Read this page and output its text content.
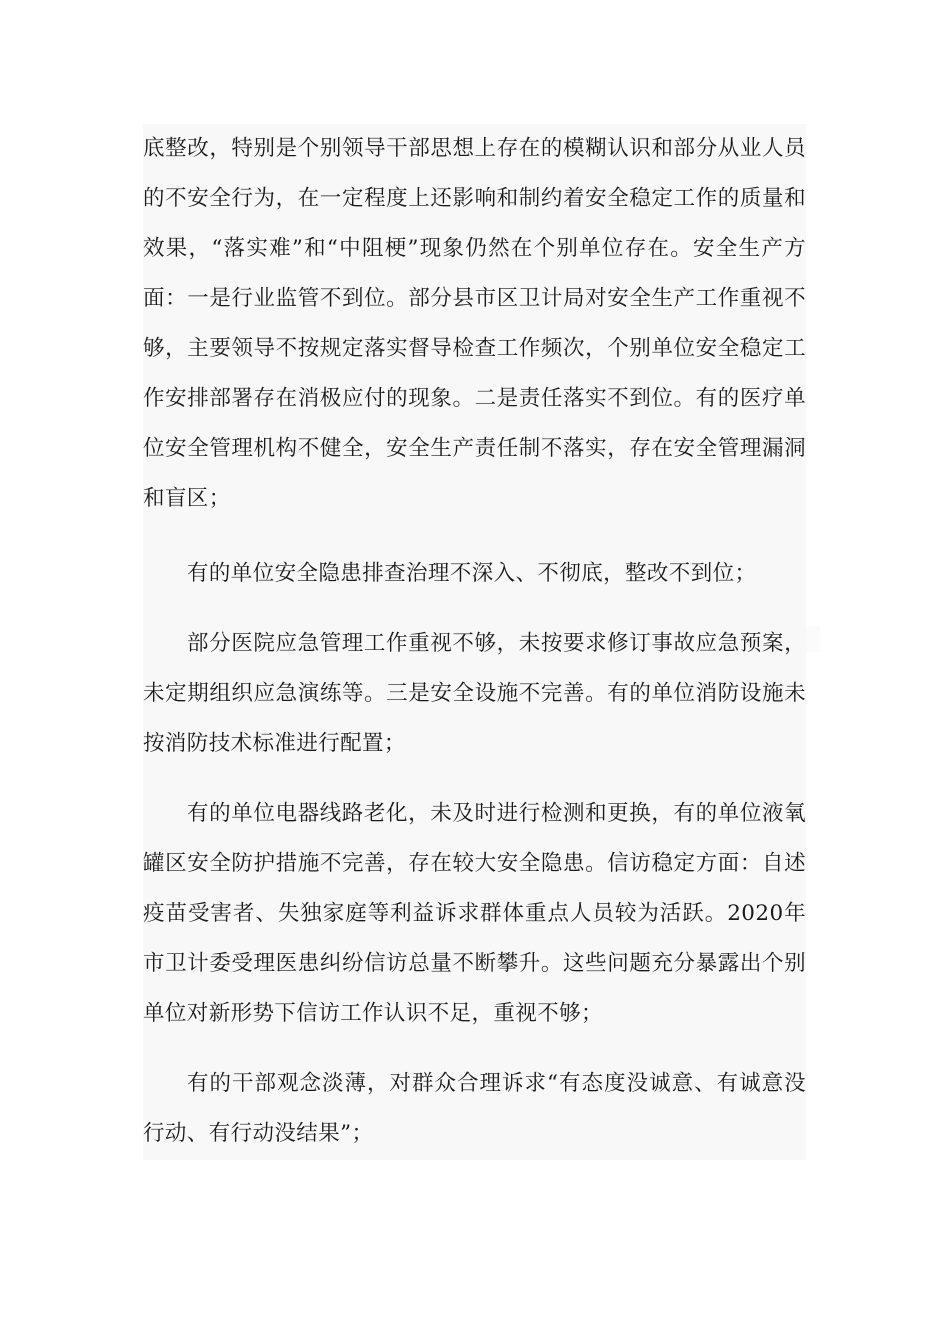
底整改，特别是个别领导干部思想上存在的模糊认识和部分从业人员的不安全行为，在一定程度上还影响和制约着安全稳定工作的质量和效果，“落实难”和“中阻梗”现象仍然在个别单位存在。安全生产方面：一是行业监管不到位。部分县市区卫计局对安全生产工作重视不够，主要领导不按规定落实督导检查工作频次，个别单位安全稳定工作安排部署存在消极应付的现象。二是责任落实不到位。有的医疗单位安全管理机构不健全，安全生产责任制不落实，存在安全管理漏洞和盲区；

有的单位安全隐患排查治理不深入、不彻底，整改不到位；

部分医院应急管理工作重视不够，未按要求修订事故应急预案，未定期组织应急演练等。三是安全设施不完善。有的单位消防设施未按消防技术标准进行配置；

有的单位电器线路老化，未及时进行检测和更换，有的单位液氧罐区安全防护措施不完善，存在较大安全隐患。信访稳定方面：自述疫苗受害者、失独家庭等利益诉求群体重点人员较为活跃。2020年市卫计委受理医患纠纷信访总量不断攀升。这些问题充分暴露出个别单位对新形势下信访工作认识不足，重视不够；

有的干部观念淡薄，对群众合理诉求“有态度没诚意、有诚意没行动、有行动没结果”；
